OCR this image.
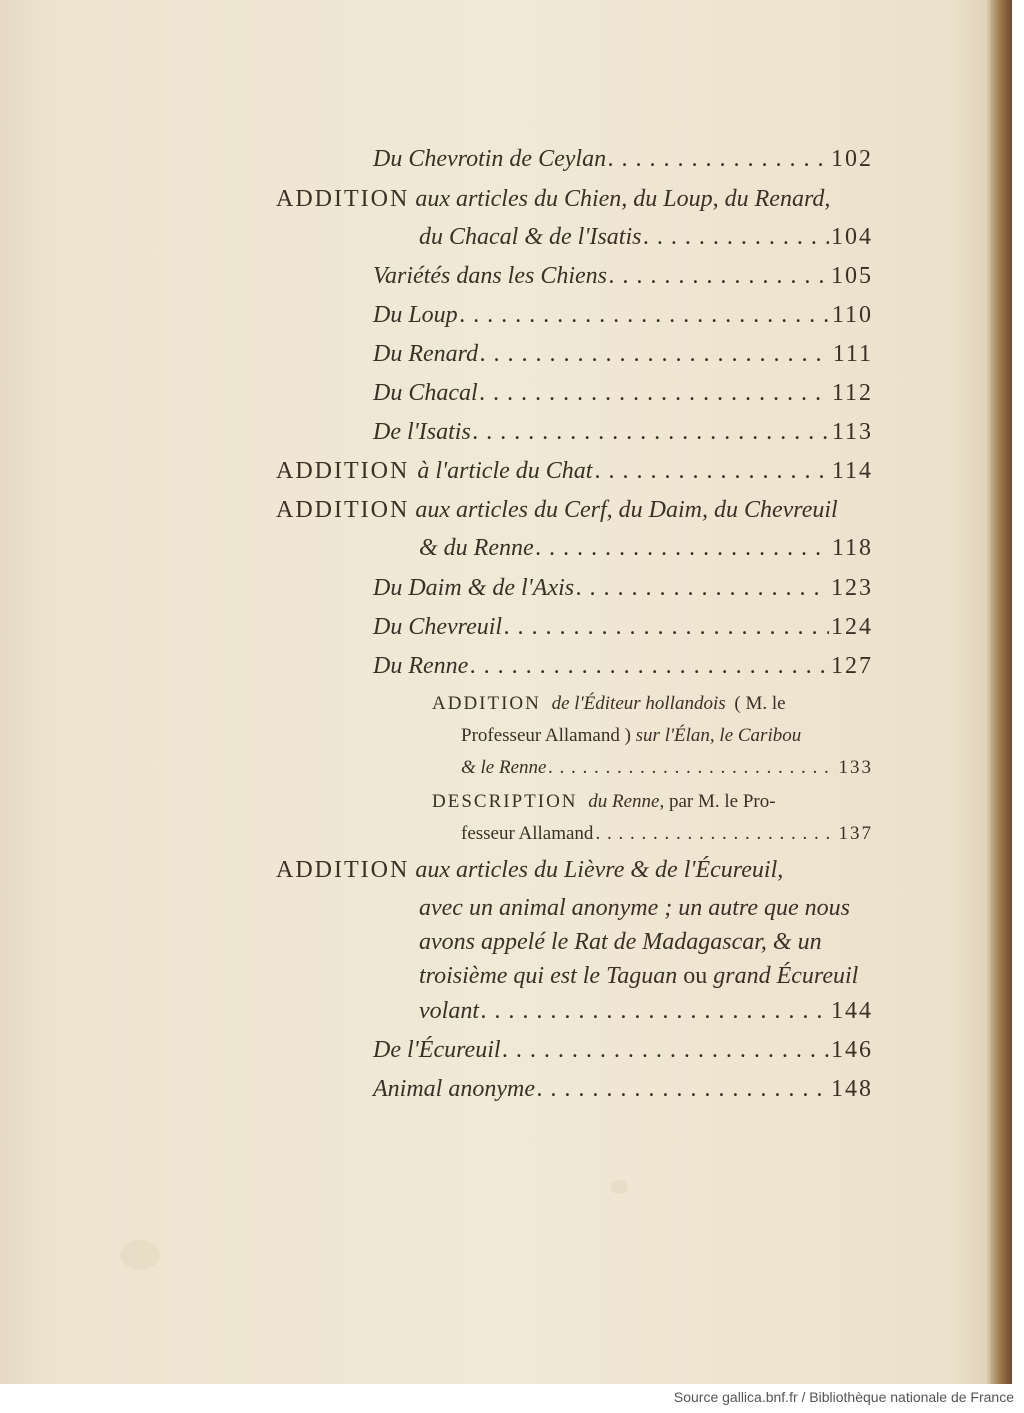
Du Chevrotin de Ceylan . . .	102
ADDITION aux articles du Chien, du Loup, du Renard,
du Chacal & de l'Isatis . . .	104
Variétés dans les Chiens . . .	105
Du Loup . . .	110
Du Renard . . .	111
Du Chacal . . .	112
De l'Isatis . . .	113
ADDITION à l'article du Chat . . .	114
ADDITION aux articles du Cerf, du Daim, du Chevreuil
& du Renne . . .	118
Du Daim & de l'Axis . . .	123
Du Chevreuil . . .	124
Du Renne . . .	127
ADDITION de l'Éditeur hollandois ( M. le
Professeur Allamand ) sur l'Élan, le Caribou
& le Renne . . .	133
DESCRIPTION du Renne, par M. le Pro-
fesseur Allamand . . .	137
ADDITION aux articles du Lièvre & de l'Écureuil,
avec un animal anonyme ; un autre que nous
avons appelé le Rat de Madagascar, & un
troisième qui est le Taguan ou grand Écureuil
volant . . .	144
De l'Écureuil . . .	146
Animal anonyme . . .	148
Source gallica.bnf.fr / Bibliothèque nationale de France
